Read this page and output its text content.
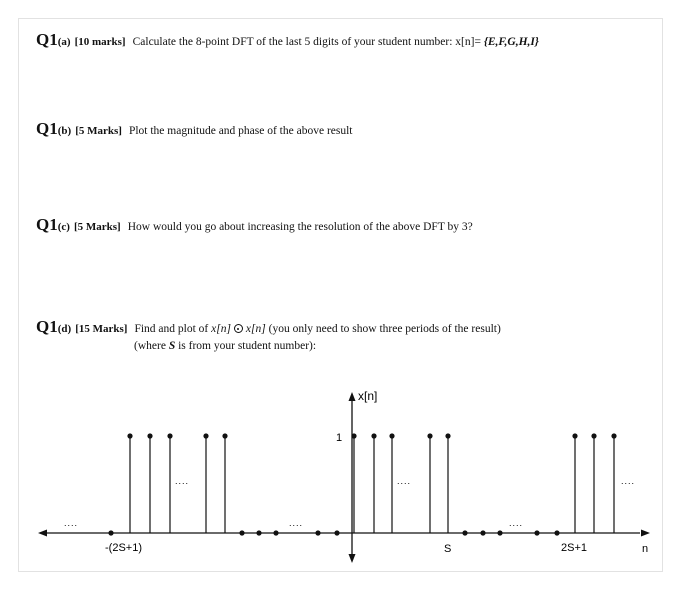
Q1(a) [10 marks] Calculate the 8-point DFT of the last 5 digits of your student number: x[n]= {E,F,G,H,I}
Q1(b) [5 Marks] Plot the magnitude and phase of the above result
Q1(c) [5 Marks] How would you go about increasing the resolution of the above DFT by 3?
Q1(d) [15 Marks] Find and plot of x[n] x[n] (you only need to show three periods of the result)
(where S is from your student number):
x[n]
1
....
....
....
....
....
....
-(2S+1)	S	2S+1	n
